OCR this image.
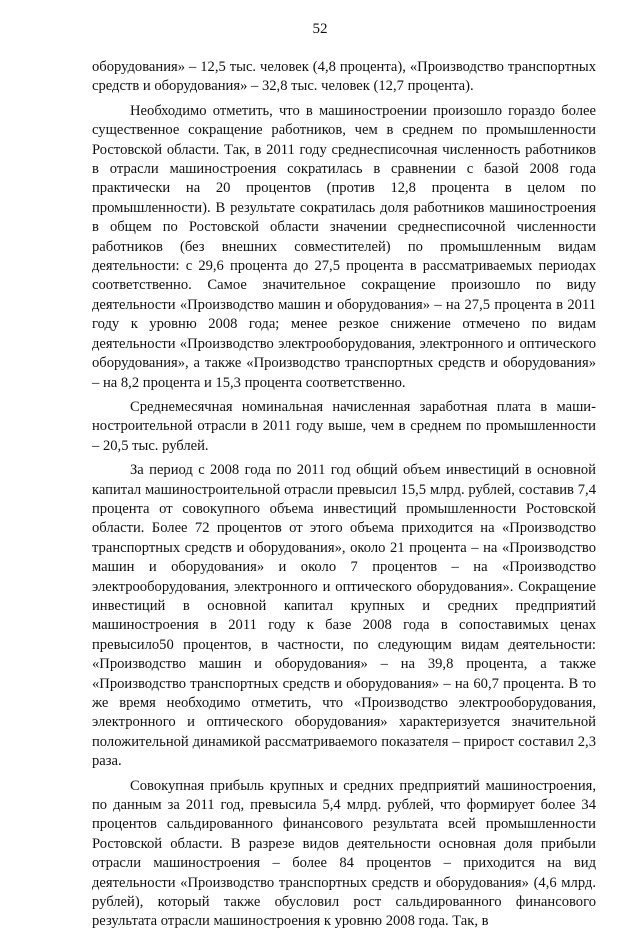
52

оборудования» – 12,5 тыс. человек (4,8 процента), «Производство транспортных средств и оборудования» – 32,8 тыс. человек (12,7 процента).

Необходимо отметить, что в машиностроении произошло гораздо более существенное сокращение работников, чем в среднем по промышленности Ростовской области. Так, в 2011 году среднесписочная численность работников в отрасли машиностроения сократилась в сравнении с базой 2008 года практически на 20 процентов (против 12,8 процента в целом по промышленности). В результате сократилась доля работников машиностроения в общем по Ростовской области значении среднесписочной численности работников (без внешних совместителей) по промышленным видам деятельности: с 29,6 процента до 27,5 процента в рассматриваемых периодах соответственно. Самое значительное сокращение произошло по виду деятельности «Производство машин и оборудования» – на 27,5 процента в 2011 году к уровню 2008 года; менее резкое снижение отмечено по видам деятельности «Производство электрооборудования, электронного и оптического оборудования», а также «Производство транспортных средств и оборудования» – на 8,2 процента и 15,3 процента соответственно.

Среднемесячная номинальная начисленная заработная плата в машиностроительной отрасли в 2011 году выше, чем в среднем по промышленности – 20,5 тыс. рублей.

За период с 2008 года по 2011 год общий объем инвестиций в основной капитал машиностроительной отрасли превысил 15,5 млрд. рублей, составив 7,4 процента от совокупного объема инвестиций промышленности Ростовской области. Более 72 процентов от этого объема приходится на «Производство транспортных средств и оборудования», около 21 процента – на «Производство машин и оборудования» и около 7 процентов – на «Производство электрооборудования, электронного и оптического оборудования». Сокращение инвестиций в основной капитал крупных и средних предприятий машиностроения в 2011 году к базе 2008 года в сопоставимых ценах превысило50 процентов, в частности, по следующим видам деятельности: «Производство машин и оборудования» – на 39,8 процента, а также «Производство транспортных средств и оборудования» – на 60,7 процента. В то же время необходимо отметить, что «Производство электрооборудования, электронного и оптического оборудования» характеризуется значительной положительной динамикой рассматриваемого показателя – прирост составил 2,3 раза.

Совокупная прибыль крупных и средних предприятий машиностроения, по данным за 2011 год, превысила 5,4 млрд. рублей, что формирует более 34 процентов сальдированного финансового результата всей промышленности Ростовской области. В разрезе видов деятельности основная доля прибыли отрасли машиностроения – более 84 процентов – приходится на вид деятельности «Производство транспортных средств и оборудования» (4,6 млрд. рублей), который также обусловил рост сальдированного финансового результата отрасли машиностроения к уровню 2008 года. Так, в
